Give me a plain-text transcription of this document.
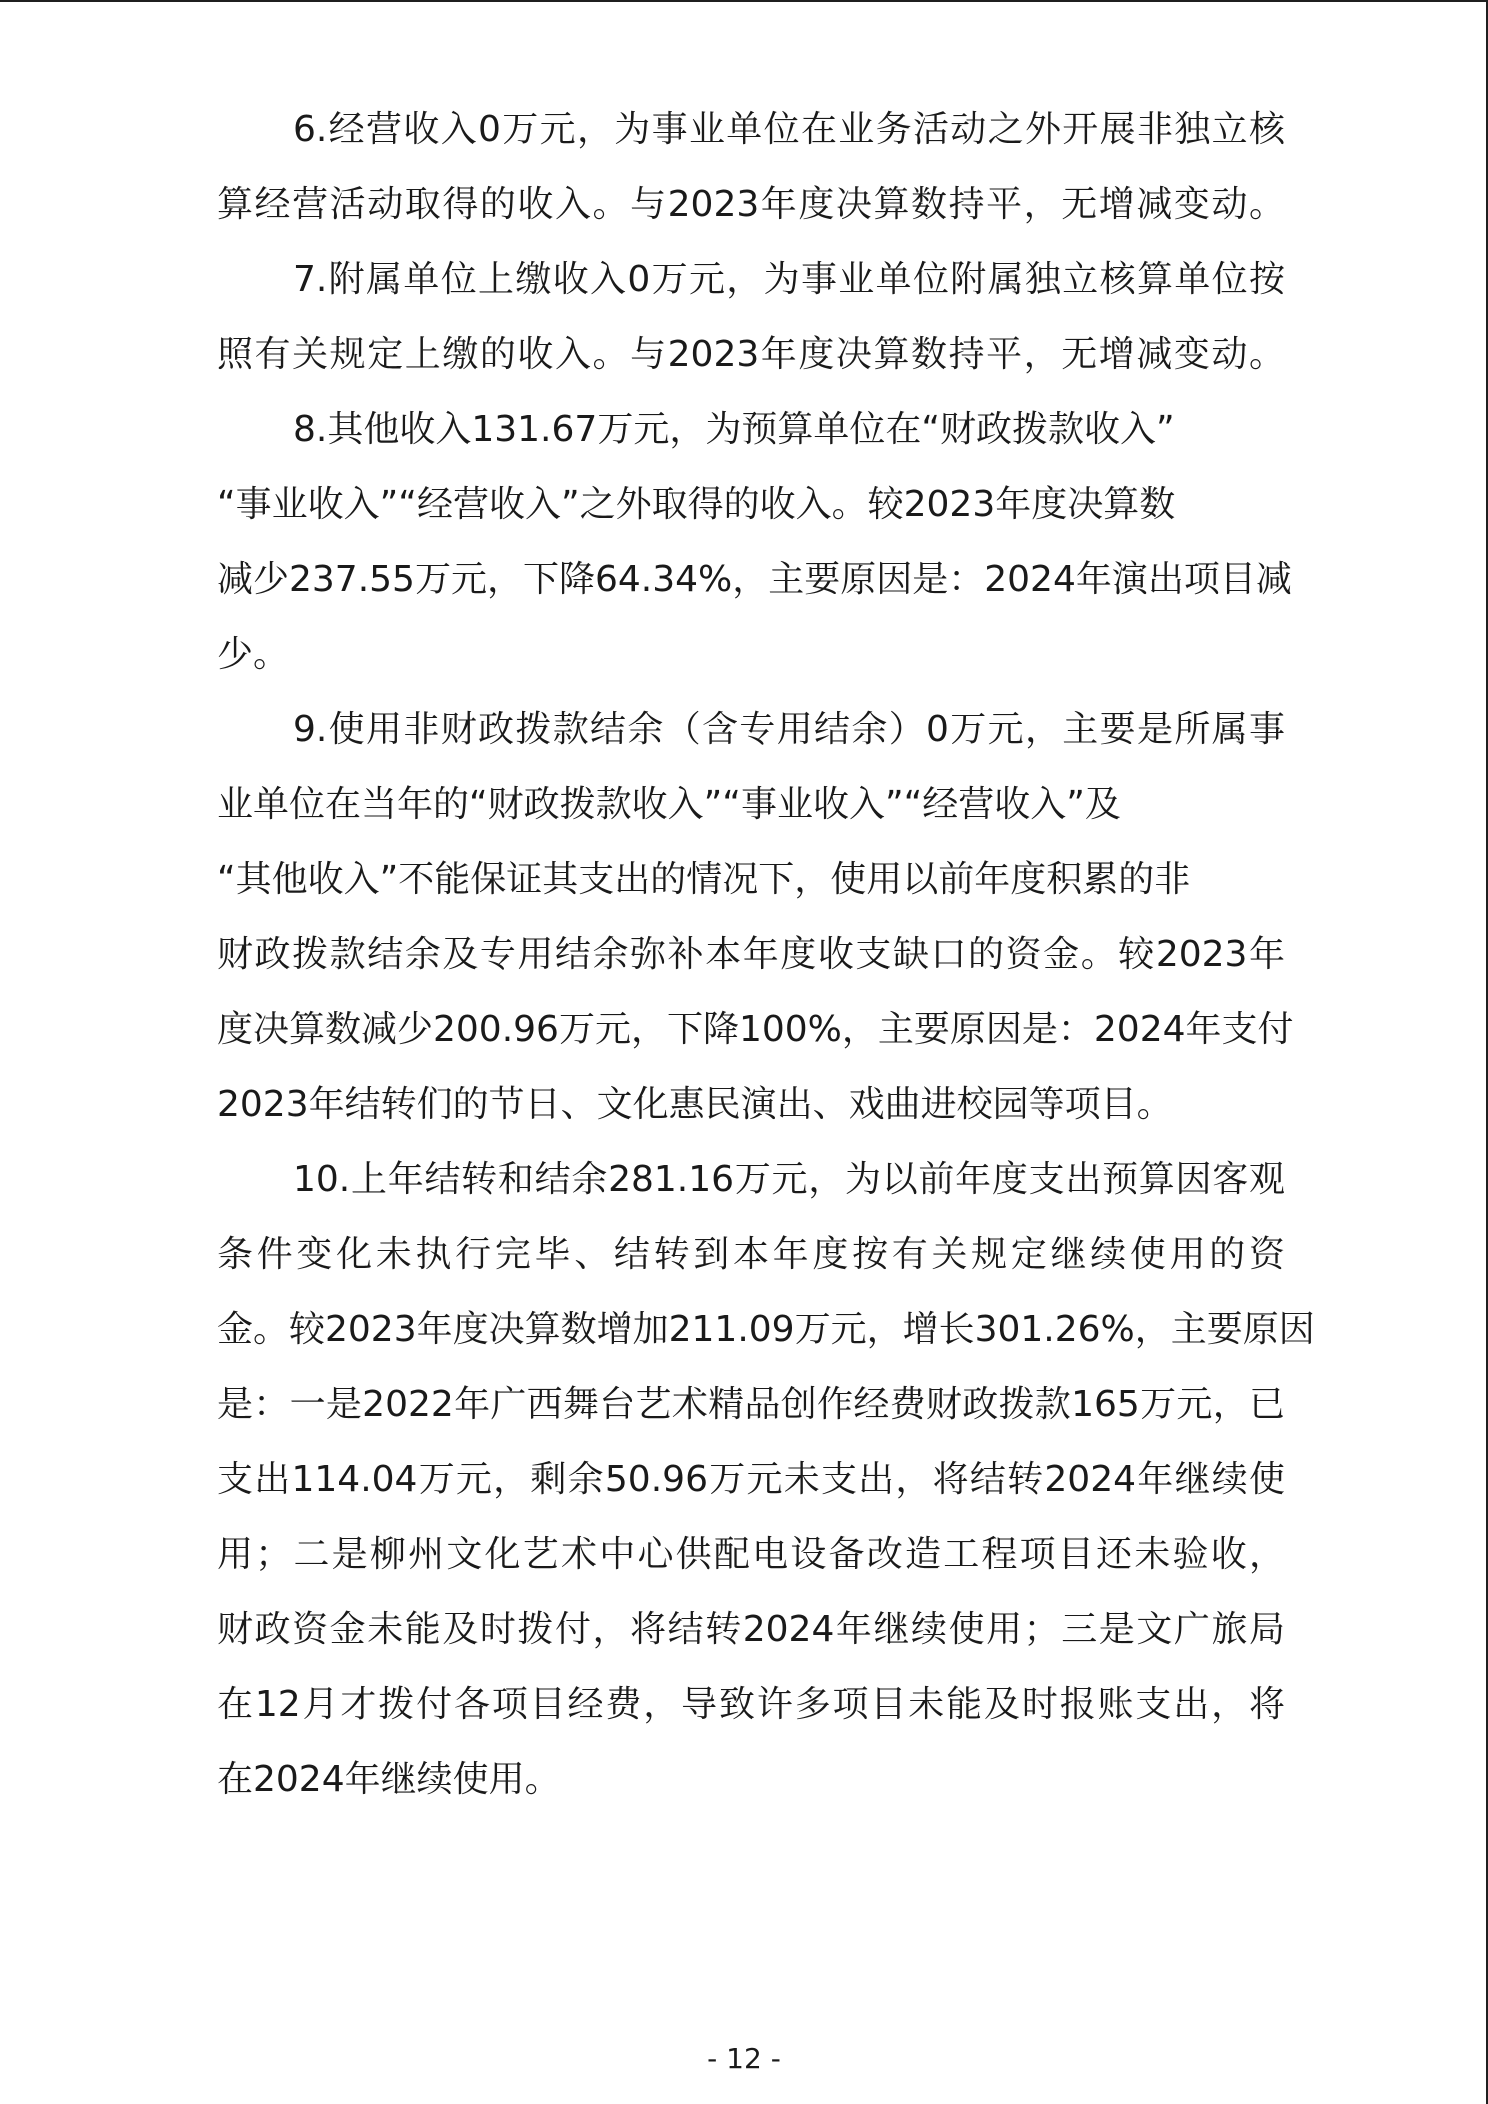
6.经营收入0万元，为事业单位在业务活动之外开展非独立核
算经营活动取得的收入。与2023年度决算数持平，无增减变动。
7.附属单位上缴收入0万元，为事业单位附属独立核算单位按
照有关规定上缴的收入。与2023年度决算数持平，无增减变动。
8.其他收入131.67万元，为预算单位在“财政拨款收入”
“事业收入”“经营收入”之外取得的收入。较2023年度决算数
减少237.55万元，下降64.34%，主要原因是：2024年演出项目减
少。
9.使用非财政拨款结余（含专用结余）0万元，主要是所属事
业单位在当年的“财政拨款收入”“事业收入”“经营收入”及
“其他收入”不能保证其支出的情况下，使用以前年度积累的非
财政拨款结余及专用结余弥补本年度收支缺口的资金。较2023年
度决算数减少200.96万元，下降100%，主要原因是：2024年支付
2023年结转们的节日、文化惠民演出、戏曲进校园等项目。
10.上年结转和结余281.16万元，为以前年度支出预算因客观
条件变化未执行完毕、结转到本年度按有关规定继续使用的资
金。较2023年度决算数增加211.09万元，增长301.26%，主要原因
是：一是2022年广西舞台艺术精品创作经费财政拨款165万元，已
支出114.04万元，剩余50.96万元未支出，将结转2024年继续使
用；二是柳州文化艺术中心供配电设备改造工程项目还未验收，
财政资金未能及时拨付，将结转2024年继续使用；三是文广旅局
在12月才拨付各项目经费，导致许多项目未能及时报账支出，将
在2024年继续使用。
- 12 -
